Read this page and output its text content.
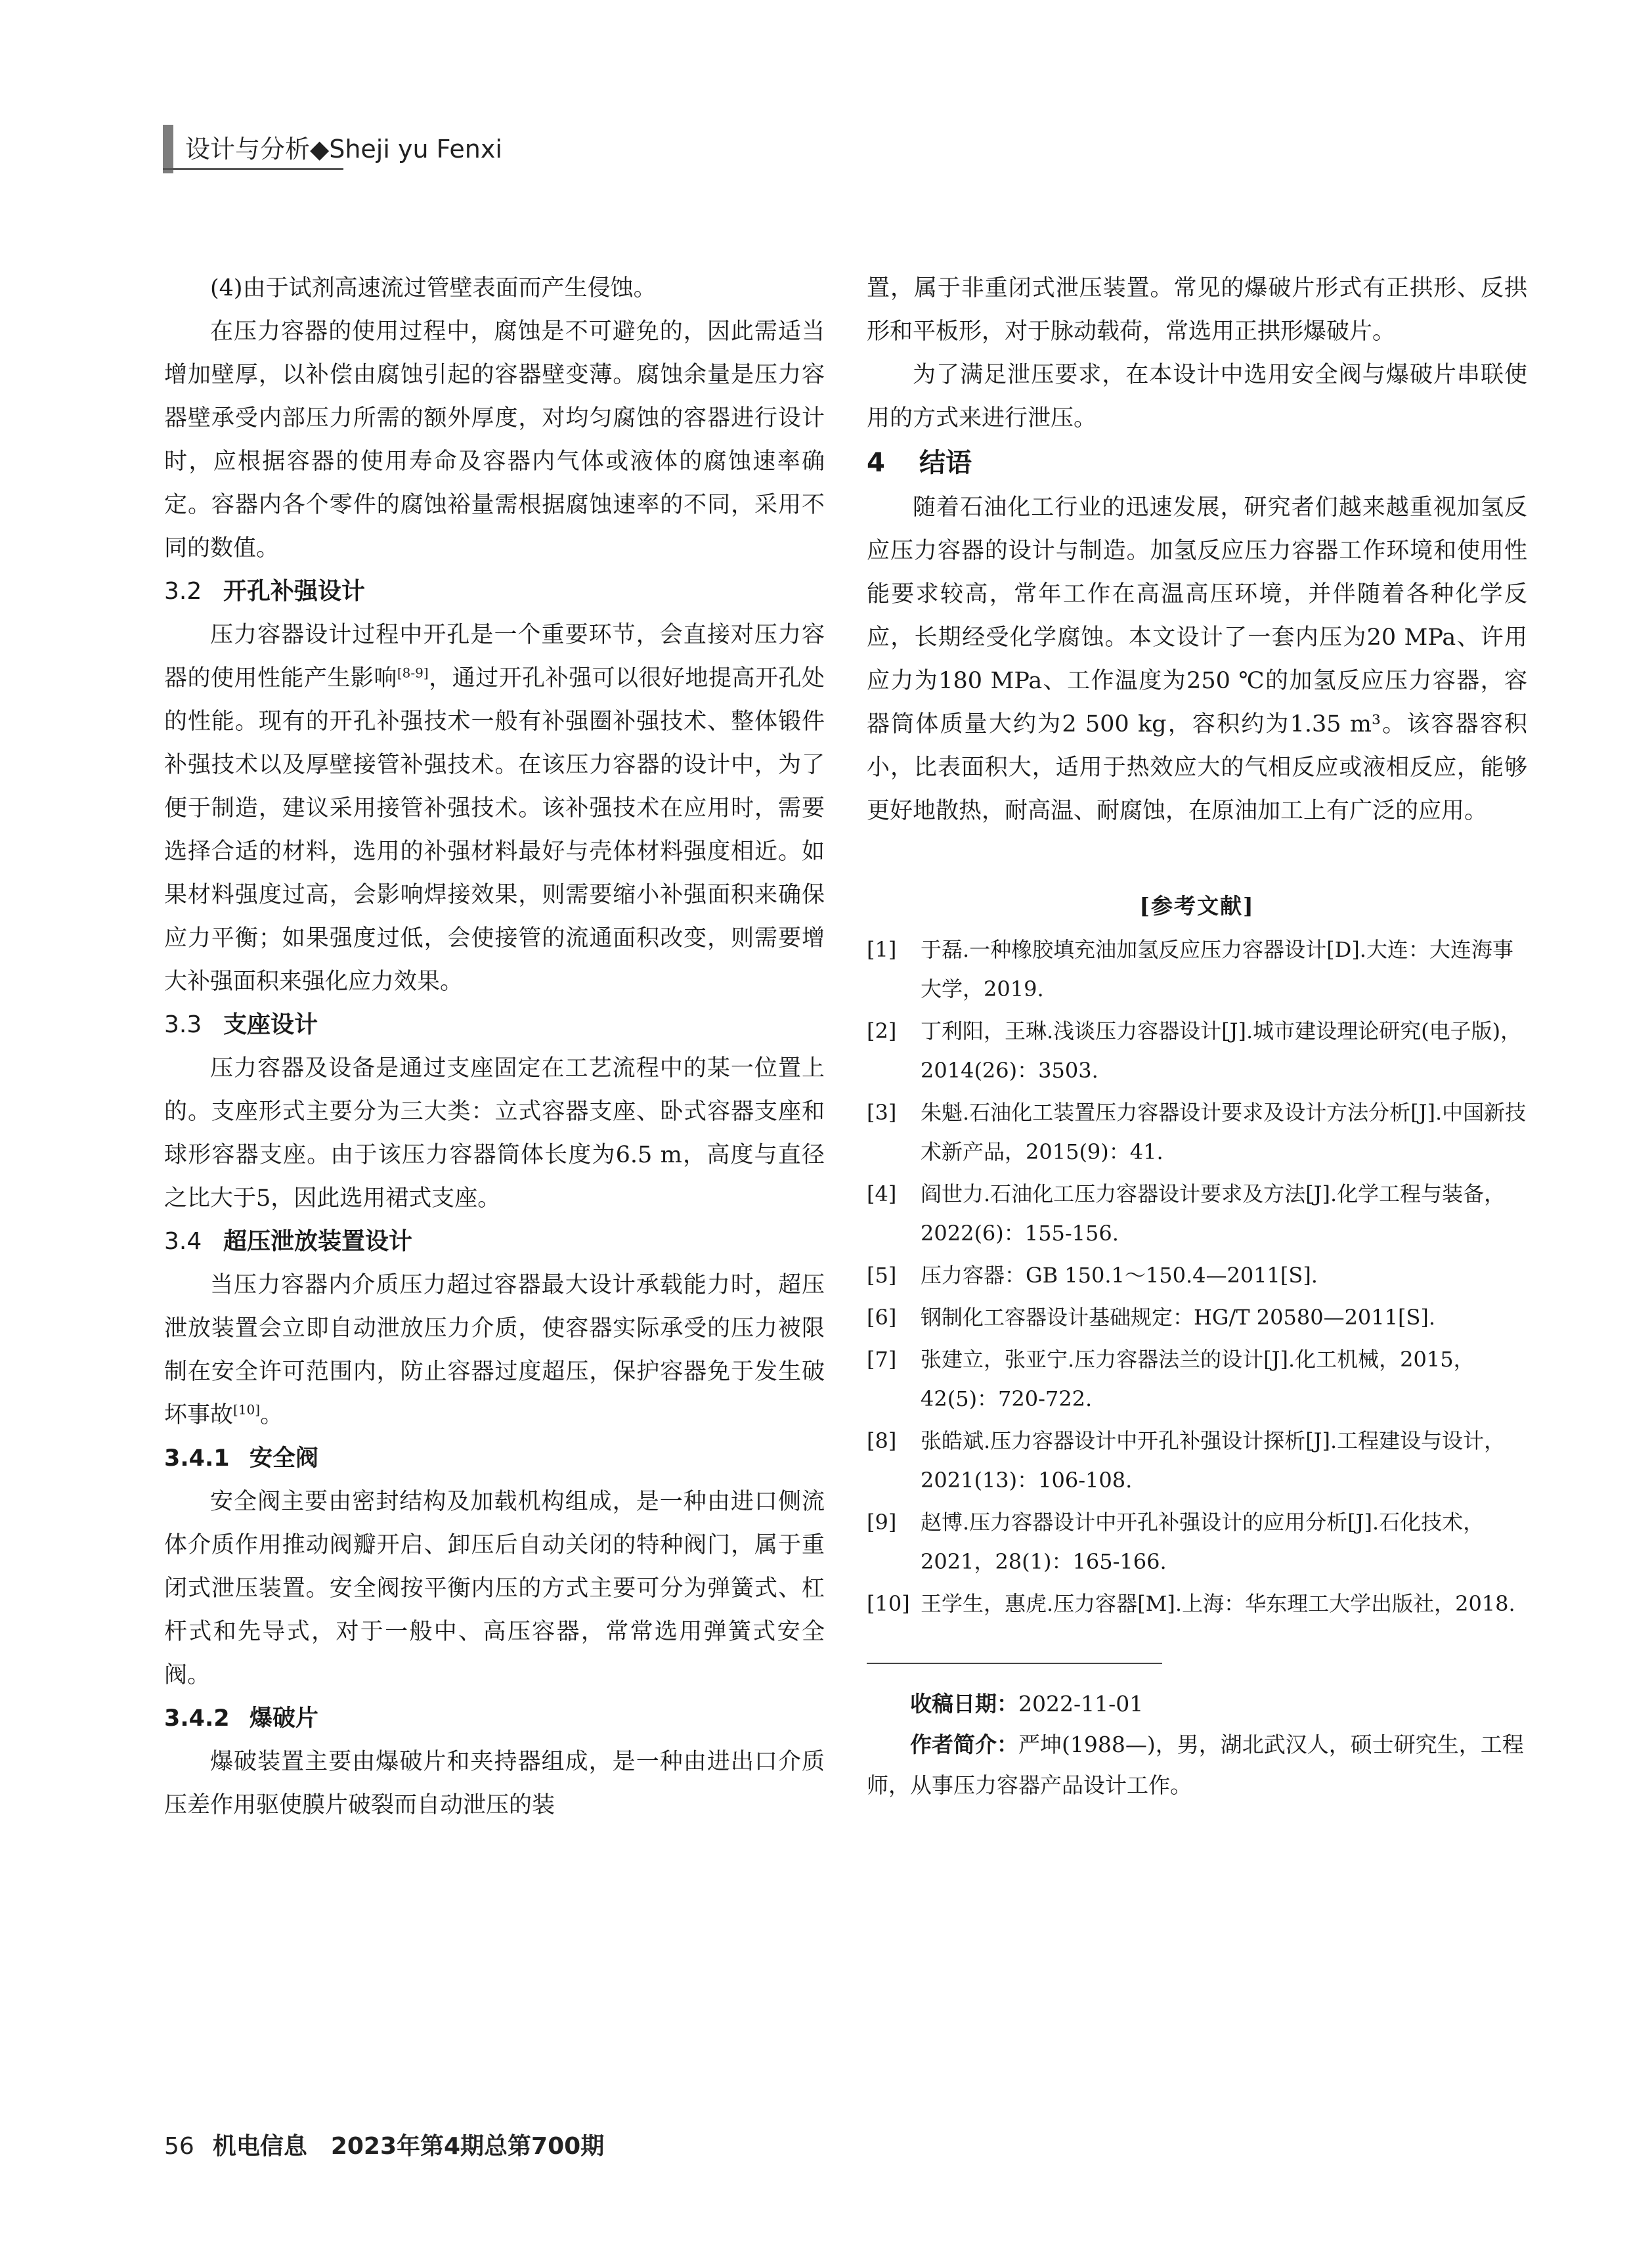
设计与分析◆Sheji yu Fenxi

(4)由于试剂高速流过管壁表面而产生侵蚀。

在压力容器的使用过程中，腐蚀是不可避免的，因此需适当增加壁厚，以补偿由腐蚀引起的容器壁变薄。腐蚀余量是压力容器壁承受内部压力所需的额外厚度，对均匀腐蚀的容器进行设计时，应根据容器的使用寿命及容器内气体或液体的腐蚀速率确定。容器内各个零件的腐蚀裕量需根据腐蚀速率的不同，采用不同的数值。

3.2 开孔补强设计

压力容器设计过程中开孔是一个重要环节，会直接对压力容器的使用性能产生影响[8-9]，通过开孔补强可以很好地提高开孔处的性能。现有的开孔补强技术一般有补强圈补强技术、整体锻件补强技术以及厚壁接管补强技术。在该压力容器的设计中，为了便于制造，建议采用接管补强技术。该补强技术在应用时，需要选择合适的材料，选用的补强材料最好与壳体材料强度相近。如果材料强度过高，会影响焊接效果，则需要缩小补强面积来确保应力平衡；如果强度过低，会使接管的流通面积改变，则需要增大补强面积来强化应力效果。

3.3 支座设计

压力容器及设备是通过支座固定在工艺流程中的某一位置上的。支座形式主要分为三大类：立式容器支座、卧式容器支座和球形容器支座。由于该压力容器筒体长度为6.5 m，高度与直径之比大于5，因此选用裙式支座。

3.4 超压泄放装置设计

当压力容器内介质压力超过容器最大设计承载能力时，超压泄放装置会立即自动泄放压力介质，使容器实际承受的压力被限制在安全许可范围内，防止容器过度超压，保护容器免于发生破坏事故[10]。

3.4.1 安全阀

安全阀主要由密封结构及加载机构组成，是一种由进口侧流体介质作用推动阀瓣开启、卸压后自动关闭的特种阀门，属于重闭式泄压装置。安全阀按平衡内压的方式主要可分为弹簧式、杠杆式和先导式，对于一般中、高压容器，常常选用弹簧式安全阀。

3.4.2 爆破片

爆破装置主要由爆破片和夹持器组成，是一种由进出口介质压差作用驱使膜片破裂而自动泄压的装

置，属于非重闭式泄压装置。常见的爆破片形式有正拱形、反拱形和平板形，对于脉动载荷，常选用正拱形爆破片。

为了满足泄压要求，在本设计中选用安全阀与爆破片串联使用的方式来进行泄压。

4 结语

随着石油化工行业的迅速发展，研究者们越来越重视加氢反应压力容器的设计与制造。加氢反应压力容器工作环境和使用性能要求较高，常年工作在高温高压环境，并伴随着各种化学反应，长期经受化学腐蚀。本文设计了一套内压为20 MPa、许用应力为180 MPa、工作温度为250 ℃的加氢反应压力容器，容器筒体质量大约为2 500 kg，容积约为1.35 m³。该容器容积小，比表面积大，适用于热效应大的气相反应或液相反应，能够更好地散热，耐高温、耐腐蚀，在原油加工上有广泛的应用。

[参考文献]
[1] 于磊.一种橡胶填充油加氢反应压力容器设计[D].大连：大连海事大学，2019.
[2] 丁利阳，王琳.浅谈压力容器设计[J].城市建设理论研究(电子版)，2014(26)：3503.
[3] 朱魁.石油化工装置压力容器设计要求及设计方法分析[J].中国新技术新产品，2015(9)：41.
[4] 阎世力.石油化工压力容器设计要求及方法[J].化学工程与装备，2022(6)：155-156.
[5] 压力容器：GB 150.1～150.4—2011[S].
[6] 钢制化工容器设计基础规定：HG/T 20580—2011[S].
[7] 张建立，张亚宁.压力容器法兰的设计[J].化工机械，2015，42(5)：720-722.
[8] 张皓斌.压力容器设计中开孔补强设计探析[J].工程建设与设计，2021(13)：106-108.
[9] 赵博.压力容器设计中开孔补强设计的应用分析[J].石化技术，2021，28(1)：165-166.
[10] 王学生，惠虎.压力容器[M].上海：华东理工大学出版社，2018.

收稿日期：2022-11-01

作者简介：严坤(1988—)，男，湖北武汉人，硕士研究生，工程师，从事压力容器产品设计工作。

56 机电信息　2023年第4期总第700期
